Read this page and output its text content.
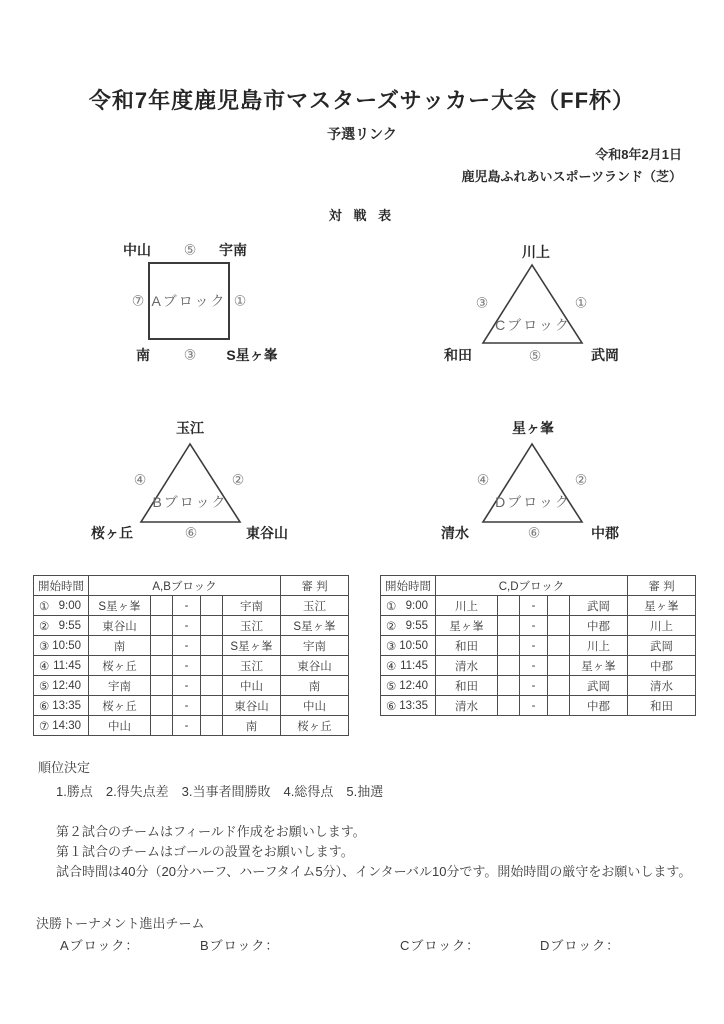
令和7年度鹿児島市マスターズサッカー大会（FF杯）
予選リンク
令和8年2月1日
鹿児島ふれあいスポーツランド（芝）
対 戦 表
中山 ⑤ 宇南
⑦ Aブロック ①
南 ③ S星ヶ峯
川上
③	①
Cブロック
和田	⑤	武岡
玉江
④	②
Bブロック
桜ヶ丘	⑥	東谷山
星ヶ峯
④	②
Dブロック
清水	⑥	中郡
開始時間	A,Bブロック					審 判

① 9:00	S星ヶ峯		-		宇南	玉江

② 9:55	東谷山		-		玉江	S星ヶ峯

③ 10:50	南		-		S星ヶ峯	宇南

④ 11:45	桜ヶ丘		-		玉江	東谷山

⑤ 12:40	宇南		-		中山	南

⑥ 13:35	桜ヶ丘		-		東谷山	中山

⑦ 14:30	中山		-		南	桜ヶ丘
開始時間	C,Dブロック					審 判

① 9:00	川上		-		武岡	星ヶ峯

② 9:55	星ヶ峯		-		中郡	川上

③ 10:50	和田		-		川上	武岡

④ 11:45	清水		-		星ヶ峯	中郡

⑤ 12:40	和田		-		武岡	清水

⑥ 13:35	清水		-		中郡	和田
順位決定
1.勝点　2.得失点差　3.当事者間勝敗　4.総得点　5.抽選
第２試合のチームはフィールド作成をお願いします。
第１試合のチームはゴールの設置をお願いします。
試合時間は40分（20分ハーフ、ハーフタイム5分）、インターバル10分です。開始時間の厳守をお願いします。
決勝トーナメント進出チーム
Aブロック：	Bブロック：	Cブロック：	Dブロック：
